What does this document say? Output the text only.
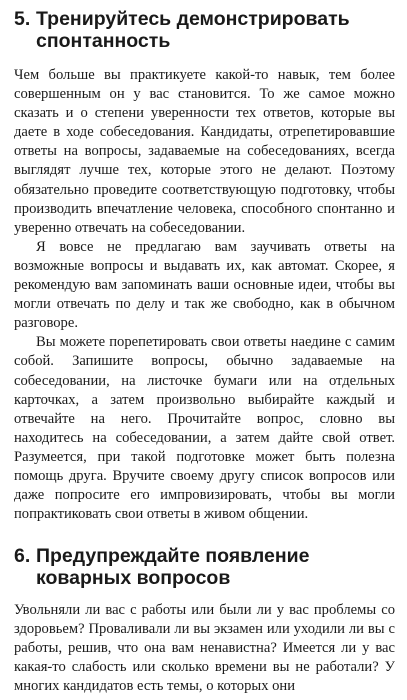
5. Тренируйтесь демонстрировать спонтанность

Чем больше вы практикуете какой-то навык, тем более совершенным он у вас становится. То же самое можно сказать и о степени уверенности тех ответов, которые вы даете в ходе собеседования. Кандидаты, отрепетировавшие ответы на вопросы, задаваемые на собеседованиях, всегда выглядят лучше тех, которые этого не делают. Поэтому обязательно проведите соответствующую подготовку, чтобы производить впечатление человека, способного спонтанно и уверенно отвечать на собеседовании.

Я вовсе не предлагаю вам заучивать ответы на возможные вопросы и выдавать их, как автомат. Скорее, я рекомендую вам запоминать ваши основные идеи, чтобы вы могли отвечать по делу и так же свободно, как в обычном разговоре.

Вы можете порепетировать свои ответы наедине с самим собой. Запишите вопросы, обычно задаваемые на собеседовании, на листочке бумаги или на отдельных карточках, а затем произвольно выбирайте каждый и отвечайте на него. Прочитайте вопрос, словно вы находитесь на собеседовании, а затем дайте свой ответ. Разумеется, при такой подготовке может быть полезна помощь друга. Вручите своему другу список вопросов или даже попросите его импровизировать, чтобы вы могли попрактиковать свои ответы в живом общении.

6. Предупреждайте появление коварных вопросов

Увольняли ли вас с работы или были ли у вас проблемы со здоровьем? Проваливали ли вы экзамен или уходили ли вы с работы, решив, что она вам ненавистна? Имеется ли у вас какая-то слабость или сколько времени вы не работали? У многих кандидатов есть темы, о которых они
